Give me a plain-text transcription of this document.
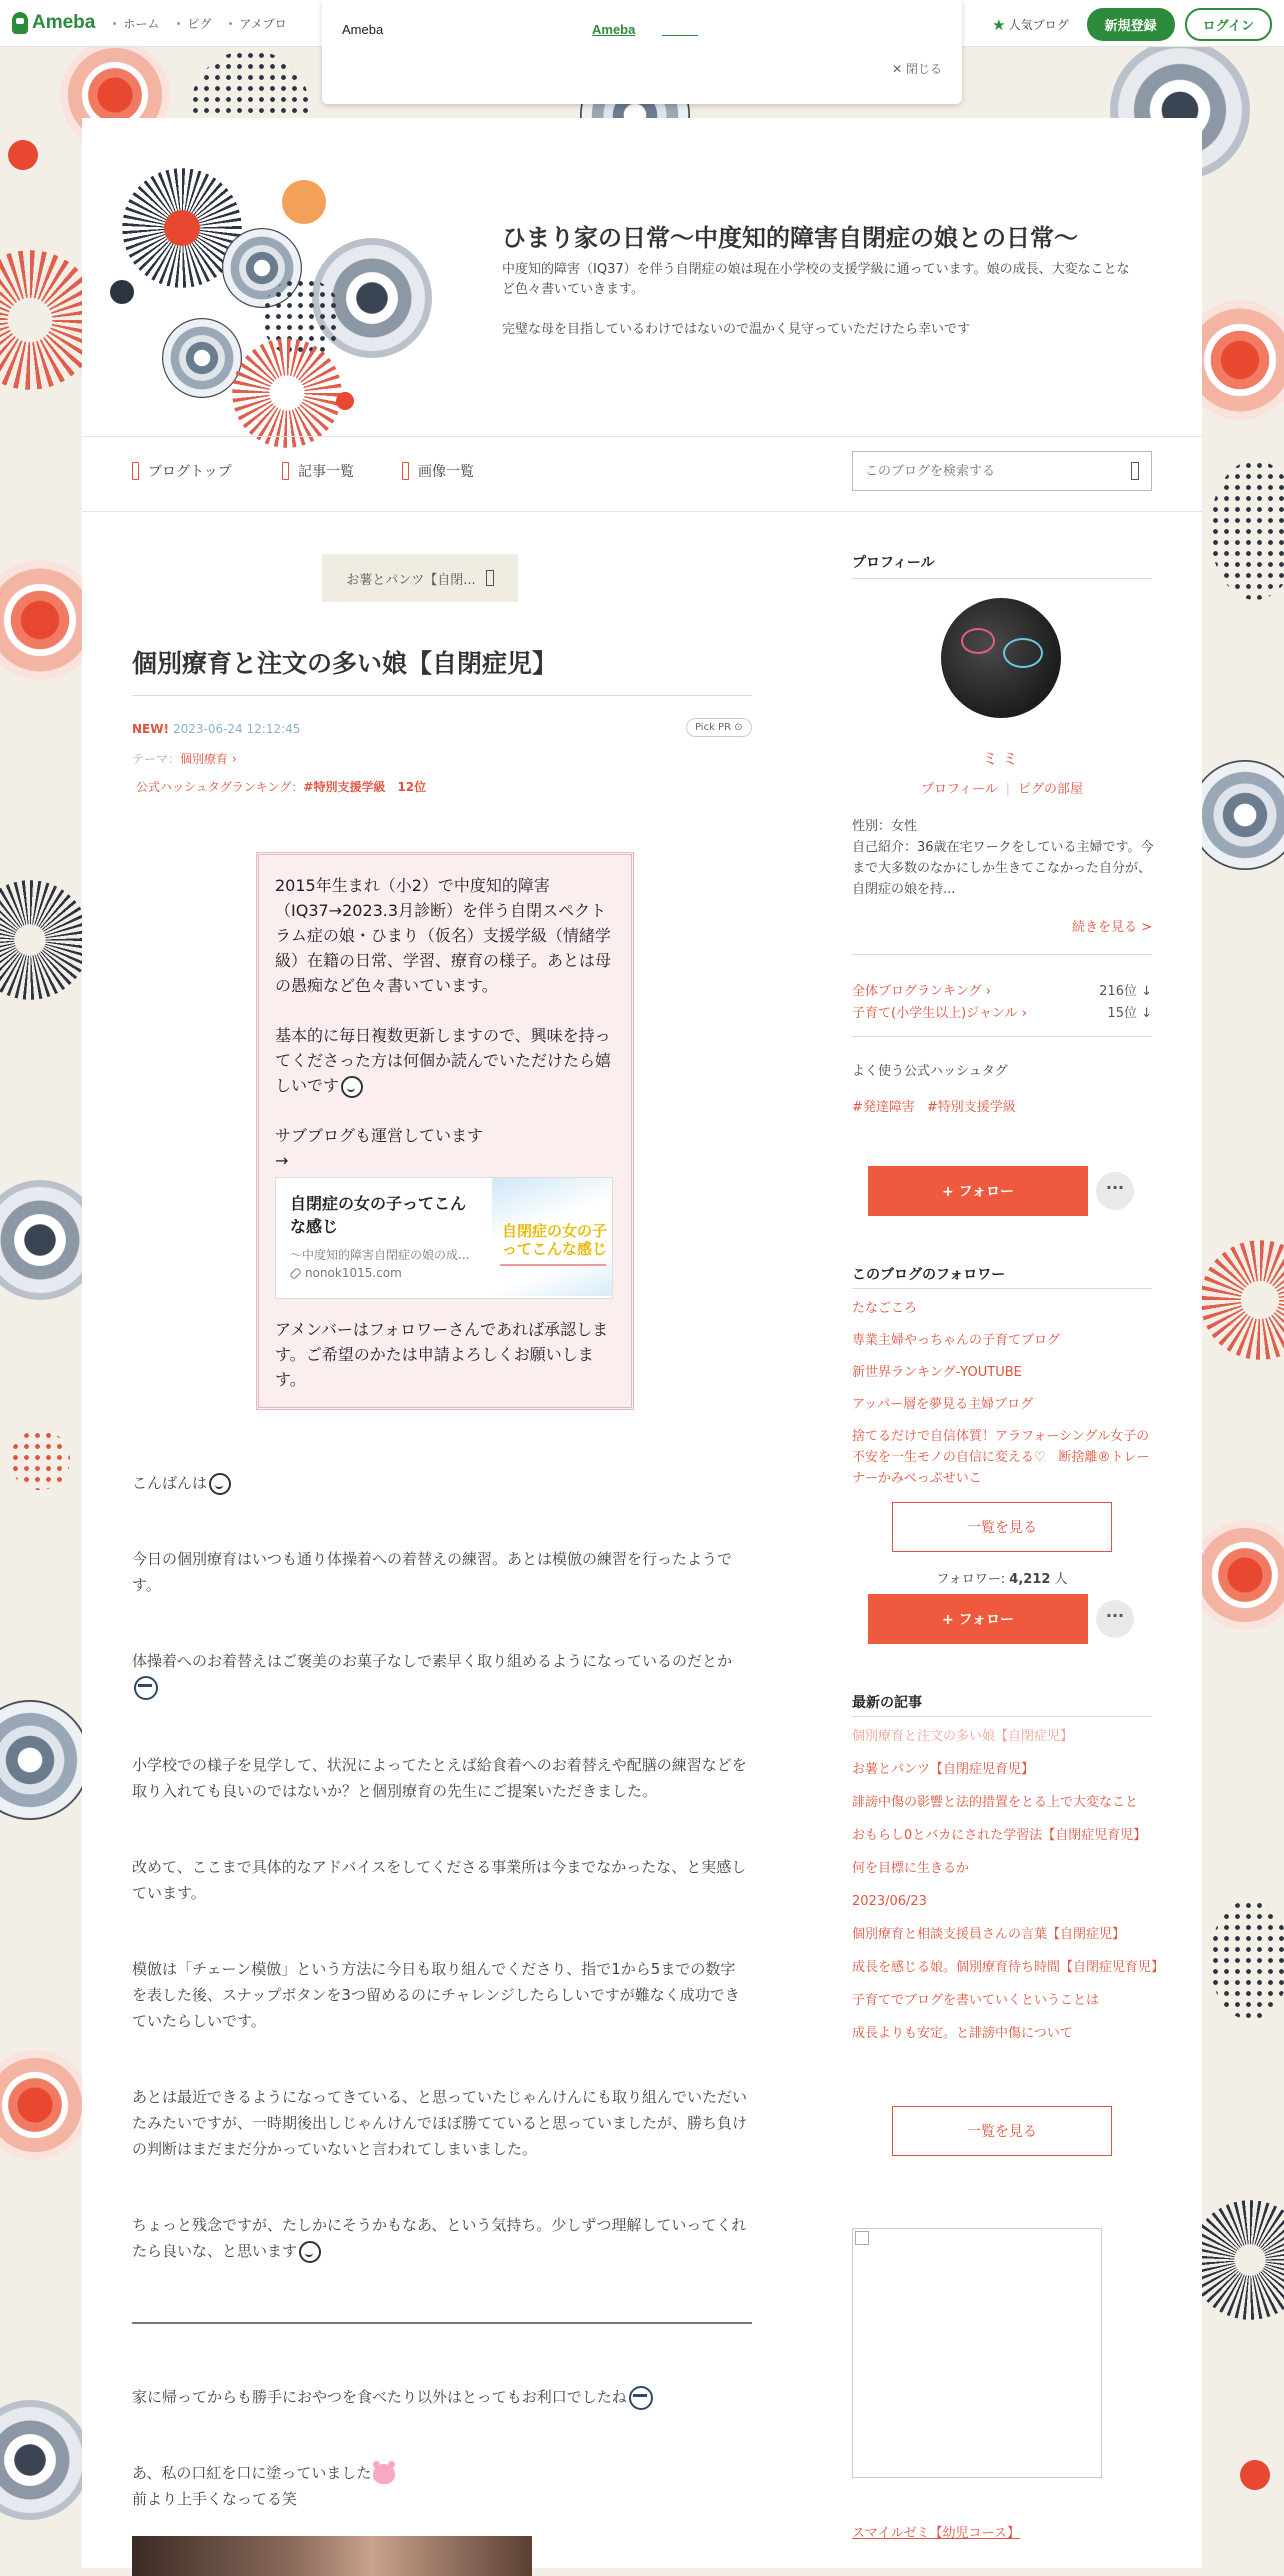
Ameba ホーム ピグ アメブロ	★ 人気ブログ	新規登録	ログイン
Ameba	Ameba
✕ 閉じる
ひまり家の日常〜中度知的障害自閉症の娘との日常〜
中度知的障害（IQ37）を伴う自閉症の娘は現在小学校の支援学級に通っています。娘の成長、大変なことなど色々書いていきます。

完璧な母を目指しているわけではないので温かく見守っていただけたら幸いです
ブログトップ	記事一覧	画像一覧
このブログを検索する
お薯とパンツ【自閉...
個別療育と注文の多い娘【自閉症児】
NEW! 2023-06-24 12:12:45	Pick PR ⊙
テーマ：個別療育 ›
公式ハッシュタグランキング：#特別支援学級　12位
2015年生まれ（小2）で中度知的障害（IQ37→2023.3月診断）を伴う自閉スペクトラム症の娘・ひまり（仮名）支援学級（情緒学級）在籍の日常、学習、療育の様子。あとは母の愚痴など色々書いています。

基本的に毎日複数更新しますので、興味を持ってくださった方は何個か読んでいただけたら嬉しいです

サブブログも運営しています
→
自閉症の女の子ってこんな感じ
〜中度知的障害自閉症の娘の成...
nonok1015.com
自閉症の女の子ってこんな感じ
アメンバーはフォロワーさんであれば承認します。ご希望のかたは申請よろしくお願いします。
こんばんは
今日の個別療育はいつも通り体操着への着替えの練習。あとは模倣の練習を行ったようです。
体操着へのお着替えはご褒美のお菓子なしで素早く取り組めるようになっているのだとか
小学校での様子を見学して、状況によってたとえば給食着へのお着替えや配膳の練習などを取り入れても良いのではないか？と個別療育の先生にご提案いただきました。
改めて、ここまで具体的なアドバイスをしてくださる事業所は今までなかったな、と実感しています。
模倣は「チェーン模倣」という方法に今日も取り組んでくださり、指で1から5までの数字を表した後、スナップボタンを3つ留めるのにチャレンジしたらしいですが難なく成功できていたらしいです。
あとは最近できるようになってきている、と思っていたじゃんけんにも取り組んでいただいたみたいですが、一時期後出しじゃんけんでほぼ勝てていると思っていましたが、勝ち負けの判断はまだまだ分かっていないと言われてしまいました。
ちょっと残念ですが、たしかにそうかもなあ、という気持ち。少しずつ理解していってくれたら良いな、と思います
家に帰ってからも勝手におやつを食べたり以外はとってもお利口でしたね
あ、私の口紅を口に塗っていました
前より上手くなってる笑
プロフィール
ミミ
プロフィール | ピグの部屋
性別：女性
自己紹介：36歳在宅ワークをしている主婦です。今まで大多数のなかにしか生きてこなかった自分が、自閉症の娘を持...
続きを見る >
全体ブログランキング ›	216位 ↓
子育て(小学生以上)ジャンル ›	15位 ↓
よく使う公式ハッシュタグ
#発達障害 #特別支援学級
+ フォロー	···
このブログのフォロワー
たなごころ
専業主婦やっちゃんの子育てブログ
新世界ランキング-YOUTUBE
アッパー層を夢見る主婦ブログ
捨てるだけで自信体質！アラフォーシングル女子の不安を一生モノの自信に変える♡　断捨離®トレーナーかみべっぷせいこ
一覧を見る
フォロワー: 4,212 人
+ フォロー	···
最新の記事
個別療育と注文の多い娘【自閉症児】
お薯とパンツ【自閉症児育児】
誹謗中傷の影響と法的措置をとる上で大変なこと
おもらし0とバカにされた学習法【自閉症児育児】
何を目標に生きるか
2023/06/23
個別療育と相談支援員さんの言葉【自閉症児】
成長を感じる娘。個別療育待ち時間【自閉症児育児】
子育てでブログを書いていくということは
成長よりも安定。と誹謗中傷について
一覧を見る
スマイルゼミ【幼児コース】
